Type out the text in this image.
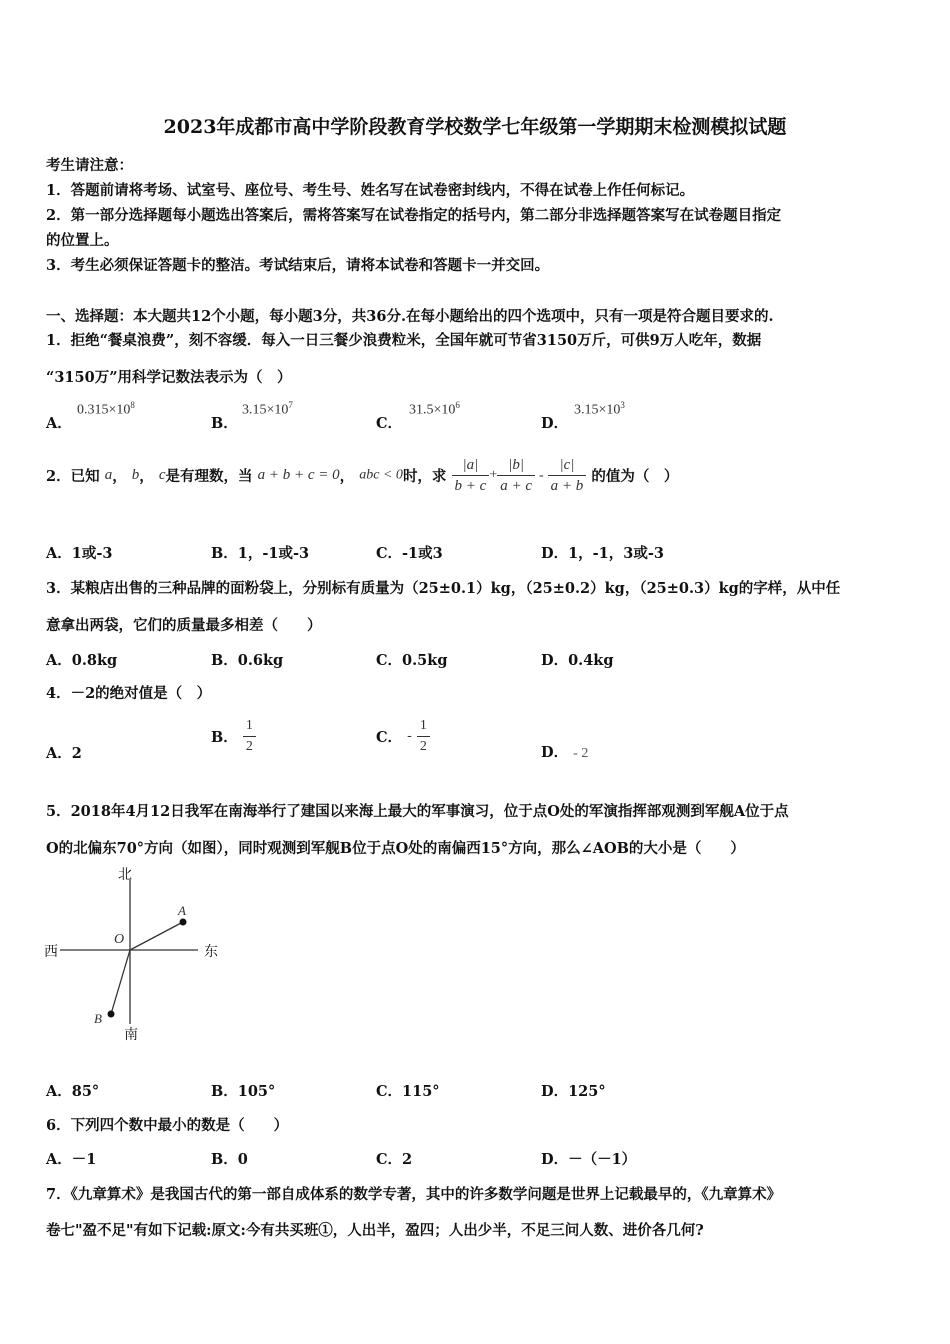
2023年成都市高中学阶段教育学校数学七年级第一学期期末检测模拟试题
考生请注意：
1．答题前请将考场、试室号、座位号、考生号、姓名写在试卷密封线内，不得在试卷上作任何标记。
2．第一部分选择题每小题选出答案后，需将答案写在试卷指定的括号内，第二部分非选择题答案写在试卷题目指定
的位置上。
3．考生必须保证答题卡的整洁。考试结束后，请将本试卷和答题卡一并交回。
一、选择题：本大题共12个小题，每小题3分，共36分.在每小题给出的四个选项中，只有一项是符合题目要求的.
1．拒绝“餐桌浪费”，刻不容缓．每入一日三餐少浪费粒米，全国年就可节省3150万斤，可供9万人吃年，数据
“3150万”用科学记数法表示为（　）
A．
$0.315\times 10^8$
B．
$3.15\times 10^7$
C．
$31.5\times 10^6$
D．
$3.15\times 10^3$
2．已知 a， b， c是有理数，当 a + b + c = 0， abc < 0时，求 $\frac{|a|}{b + c} + \frac{|b|}{a + c} - \frac{|c|}{a + b}$ 的值为（　）
A．1或-3	B．1，-1或-3	C．-1或3	D．1，-1，3或-3
3．某粮店出售的三种品牌的面粉袋上，分别标有质量为（25±0.1）kg，（25±0.2）kg，（25±0.3）kg的字样，从中任
意拿出两袋，它们的质量最多相差（　　）
A．0.8kg	B．0.6kg	C．0.5kg	D．0.4kg
4．－2的绝对值是（　）
A．2
B． $\frac{1}{2}$	C． - $\frac{1}{2}$	D． - 2
5．2018年4月12日我军在南海举行了建国以来海上最大的军事演习，位于点O处的军演指挥部观测到军舰A位于点
O的北偏东70°方向（如图），同时观测到军舰B位于点O处的南偏西15°方向，那么∠AOB的大小是（　　）
北
南
西	东
O
A
B
A．85°	B．105°	C．115°	D．125°
6．下列四个数中最小的数是（　　）
A．－1	B．0	C．2	D．－（－1）
7．《九章算术》是我国古代的第一部自成体系的数学专著，其中的许多数学问题是世界上记载最早的，《九章算术》
卷七"盈不足"有如下记载:原文:今有共买班①，人出半，盈四；人出少半，不足三问人数、进价各几何?
